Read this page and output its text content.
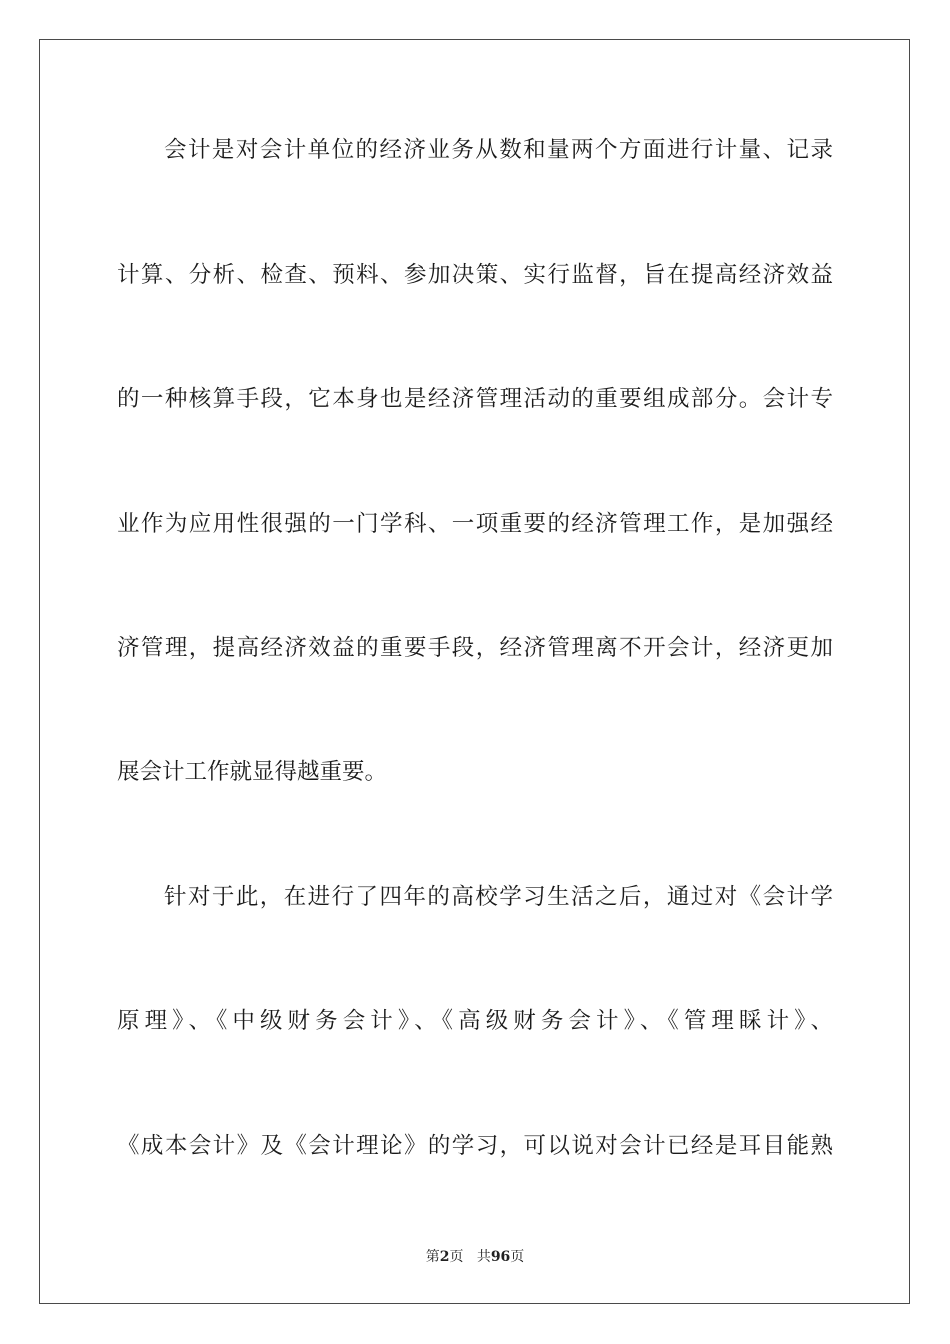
会计是对会计单位的经济业务从数和量两个方面进行计量、记录
计算、分析、检查、预料、参加决策、实行监督，旨在提高经济效益
的一种核算手段，它本身也是经济管理活动的重要组成部分。会计专
业作为应用性很强的一门学科、一项重要的经济管理工作，是加强经
济管理，提高经济效益的重要手段，经济管理离不开会计，经济更加
展会计工作就显得越重要。
针对于此，在进行了四年的高校学习生活之后，通过对《会计学
原理》、《中级财务会计》、《高级财务会计》、《管理睬计》、
《成本会计》及《会计理论》的学习，可以说对会计已经是耳目能熟
第2页 共96页
